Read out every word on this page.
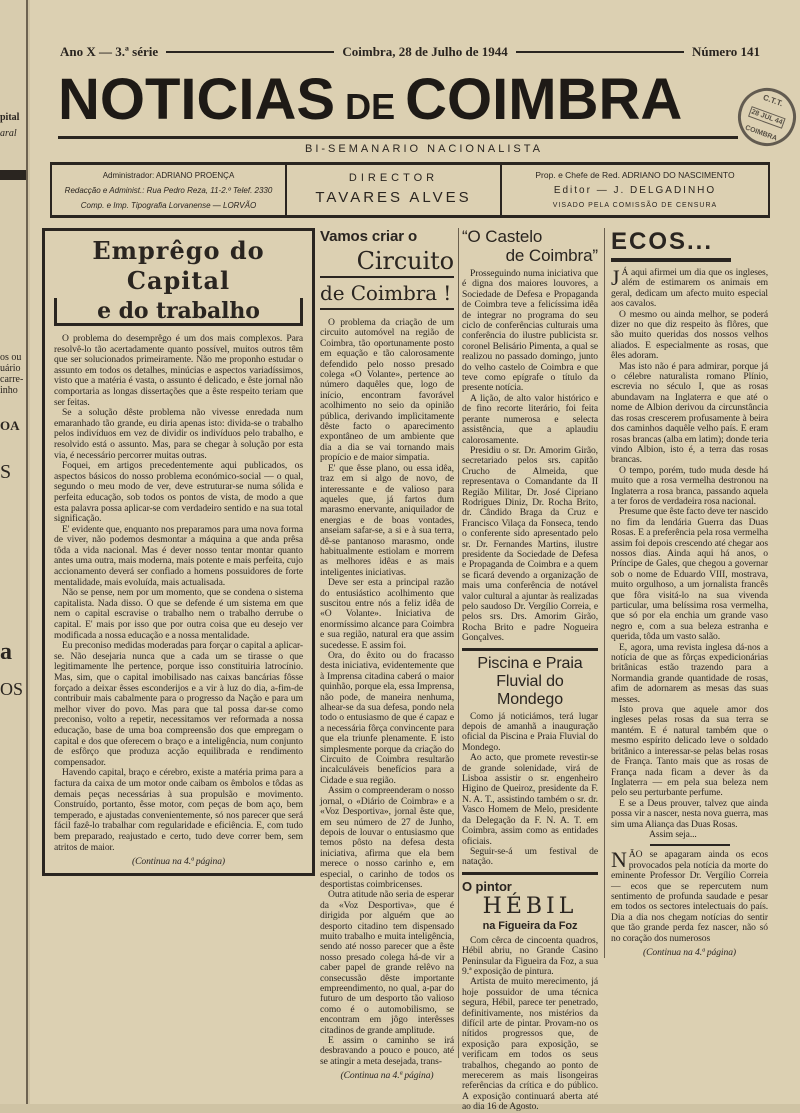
pital
aral
os ou
uário
carre-
inho
OA
S
a
OS
Ano X — 3.ª série	Coimbra, 28 de Julho de 1944	Número 141
NOTICIAS DE COIMBRA
BI-SEMANARIO NACIONALISTA
C.T.T.
28 JUL 44
COIMBRA
Administrador: ADRIANO PROENÇA
Redacção e Administ.: Rua Pedro Reza, 11-2.º Telef. 2330
Comp. e Imp. Tipografia Lorvanense — LORVÃO
DIRECTOR
TAVARES ALVES
Prop. e Chefe de Red. ADRIANO DO NASCIMENTO
Editor — J. DELGADINHO
VISADO PELA COMISSÃO DE CENSURA
Emprêgo do Capital
e do trabalho

O problema do desemprêgo é um dos mais complexos. Para resolvê-lo tão acertadamente quanto possível, muitos outros têm que ser solucionados primeiramente. Não me proponho estudar o assunto em todos os detalhes, minúcias e aspectos variadíssimos, visto que a matéria é vasta, o assunto é delicado, e êste jornal não comportaria as longas dissertações que a êste respeito teriam que ser feitas.

Se a solução dêste problema não vivesse enredada num emaranhado tão grande, eu diria apenas isto: divida-se o trabalho pelos indivíduos em vez de dividir os indivíduos pelo trabalho, e resolvido está o assunto. Mas, para se chegar à solução por esta via, é necessário percorrer muitas outras.

Foquei, em artigos precedentemente aqui publicados, os aspectos básicos do nosso problema económico-social — o qual, segundo o meu modo de ver, deve estruturar-se numa sólida e perfeita educação, sob todos os pontos de vista, de modo a que esta palavra possa aplicar-se com verdadeiro sentido e na sua total significação.

E' evidente que, enquanto nos preparamos para uma nova forma de viver, não podemos desmontar a máquina a que anda prêsa tôda a vida nacional. Mas é dever nosso tentar montar quanto antes uma outra, mais moderna, mais potente e mais perfeita, cujo accionamento deverá ser confiado a homens possuidores de forte mentalidade, mais evoluída, mais actualisada.

Não se pense, nem por um momento, que se condena o sistema capitalista. Nada disso. O que se defende é um sistema em que nem o capital escravise o trabalho nem o trabalho derrube o capital. E' mais por isso que por outra coisa que eu desejo ver modificada a nossa educação e a nossa mentalidade.

Eu preconiso medidas moderadas para forçar o capital a aplicar-se. Não desejaria nunca que a cada um se tirasse o que legìtimamente lhe pertence, porque isso constituiria latrocínio. Mas, sim, que o capital imobilisado nas caixas bancárias fôsse forçado a deixar êsses esconderijos e a vir à luz do dia, a-fim-de contribuir mais cabalmente para o progresso da Nação e para um melhor viver do povo. Mas para que tal possa dar-se como preconiso, volto a repetir, necessitamos ver reformada a nossa educação, base de uma boa compreensão dos que empregam o capital e dos que oferecem o braço e a inteligência, num conjunto de esfôrço que produza acção equilibrada e rendimento compensador.

Havendo capital, braço e cérebro, existe a matéria prima para a factura da caixa de um motor onde caibam os êmbolos e tôdas as demais peças necessárias à sua propulsão e movimento. Construído, portanto, êsse motor, com peças de bom aço, bem temperado, e ajustadas convenientemente, só nos parecer que será fácil fazê-lo trabalhar com regularidade e eficiência. E, com tudo bem preparado, reajustado e certo, tudo deve correr bem, sem atritos de maior.

(Continua na 4.ª página)

Vamos criar o
Circuito
de Coimbra !

O problema da criação de um circuito automóvel na região de Coimbra, tão oportunamente posto em equação e tão calorosamente defendido pelo nosso presado colega «O Volante», pertence ao número daquêles que, logo de início, encontram favorável acolhimento no seio da opinião pública, derivando implìcitamente dêste facto o aparecimento expontâneo de um ambiente que dia a dia se vai tornando mais propício e de maior simpatia.

E' que êsse plano, ou essa idêa, traz em si algo de novo, de interessante e de valioso para aqueles que, já fartos dum marasmo enervante, aniquilador de energias e de boas vontades, anseiam safar-se, a si e à sua terra, dê-se pantanoso marasmo, onde habitualmente estiolam e morrem as melhores idêas e as mais inteligentes iniciativas.

Deve ser esta a principal razão do entusiástico acolhimento que suscitou entre nós a feliz idêa de «O Volante». Iniciativa de enormíssimo alcance para Coimbra e sua região, natural era que assim sucedesse. E assim foi.

Ora, do êxito ou do fracasso desta iniciativa, evidentemente que à Imprensa citadina caberá o maior quinhão, porque ela, essa Imprensa, não pode, de maneira nenhuma, alhear-se da sua defesa, pondo nela todo o entusiasmo de que é capaz e a necessária fôrça convincente para que ela triunfe plenamente. E isto simplesmente porque da criação do Circuito de Coimbra resultarão incalculáveis benefícios para a Cidade e sua região.

Assim o compreenderam o nosso jornal, o «Diário de Coimbra» e a «Voz Desportiva», jornal êste que, em seu número de 27 de Junho, depois de louvar o entusiasmo que temos pôsto na defesa desta iniciativa, afirma que ela bem merece o nosso carinho e, em especial, o carinho de todos os desportistas coimbricenses.

Outra atitude não seria de esperar da «Voz Desportiva», que é dirigida por alguém que ao desporto citadino tem dispensado muito trabalho e muita inteligência, sendo até nosso parecer que a êste nosso presado colega há-de vir a caber papel de grande relêvo na consecussão dêste importante empreendimento, no qual, a-par do futuro de um desporto tão valioso como é o automobilismo, se encontram em jôgo interêsses citadinos de grande amplitude.

E assim o caminho se irá desbravando a pouco e pouco, até se atingir a meta desejada, trans-

(Continua na 4.ª página)

“O Castelo
de Coimbra”

Prosseguindo numa iniciativa que é digna dos maiores louvores, a Sociedade de Defesa e Propaganda de Coimbra teve a felicíssima idêa de integrar no programa do seu ciclo de conferências culturais uma conferência do ilustre publicista sr. coronel Belisário Pimenta, a qual se realizou no passado domingo, junto do velho castelo de Coimbra e que teve como epígrafe o título da presente notícia.

A lição, de alto valor histórico e de fino recorte literário, foi feita perante numerosa e selecta assistência, que a aplaudiu calorosamente.

Presidiu o sr. Dr. Amorim Girão, secretariado pelos srs. capitão Crucho de Almeida, que representava o Comandante da II Região Militar, Dr. José Cipriano Rodrigues Diniz, Dr. Rocha Brito, dr. Cândido Braga da Cruz e Francisco Vilaça da Fonseca, tendo o conferente sido apresentado pelo sr. Dr. Fernandes Martins, ilustre presidente da Sociedade de Defesa e Propaganda de Coimbra e a quem se ficará devendo a organização de mais uma conferência de notável valor cultural a ajuntar às realizadas pelo saudoso Dr. Vergílio Correia, e pelos srs. Drs. Amorim Girão, Rocha Brito e padre Nogueira Gonçalves.

Piscina e Praia Fluvial do Mondego

Como já noticiámos, terá lugar depois de amanhã a inauguração oficial da Piscina e Praia Fluvial do Mondego.

Ao acto, que promete revestir-se de grande solenidade, virá de Lisboa assistir o sr. engenheiro Higino de Queiroz, presidente da F. N. A. T., assistindo também o sr. dr. Vasco Homem de Melo, presidente da Delegação da F. N. A. T. em Coimbra, assim como as entidades oficiais.

Seguir-se-á um festival de natação.

O pintor
HÉBIL
na Figueira da Foz

Com cêrca de cincoenta quadros, Hébil abriu, no Grande Casino Peninsular da Figueira da Foz, a sua 9.ª exposição de pintura.

Artista de muito merecimento, já hoje possuidor de uma técnica segura, Hébil, parece ter penetrado, definitivamente, nos mistérios da difícil arte de pintar. Provam-no os nítidos progressos que, de exposição para exposição, se verificam em todos os seus trabalhos, chegando ao ponto de merecerem as mais lisongeiras referências da crítica e do público. A exposição continuará aberta até ao dia 16 de Agosto.

ECOS...

J Á aqui afirmei um dia que os ingleses, além de estimarem os animais em geral, dedicam um afecto muito especial aos cavalos.

O mesmo ou ainda melhor, se poderá dizer no que diz respeito às flôres, que são muito queridas dos nossos velhos aliados. E especialmente as rosas, que êles adoram.

Mas isto não é para admirar, porque já o célebre naturalista romano Plínio, escrevia no século I, que as rosas abundavam na Inglaterra e que até o nome de Albion derivou da circunstância das rosas crescerem profusamente à beira dos caminhos daquêle velho país. E eram rosas brancas (alba em latim); donde teria vindo Albion, isto é, a terra das rosas brancas.

O tempo, porém, tudo muda desde há muito que a rosa vermelha destronou na Inglaterra a rosa branca, passando aquela a ter foros de verdadeira rosa nacional.

Presume que êste facto deve ter nascido no fim da lendária Guerra das Duas Rosas. E a preferência pela rosa vermelha assim foi depois crescendo até chegar aos nossos dias. Ainda aqui há anos, o Príncipe de Gales, que chegou a governar sob o nome de Eduardo VIII, mostrava, muito orgulhoso, a um jornalista francês que fôra visitá-lo na sua vivenda particular, uma belíssima rosa vermelha, que só por ela enchia um grande vaso negro e, com a sua beleza estranha e querida, tôda um vasto salão.

E, agora, uma revista inglesa dá-nos a notícia de que as fôrças expedicionárias britânicas estão trazendo para a Normandia grande quantidade de rosas, afim de adornarem as mesas das suas messes.

Isto prova que aquele amor dos ingleses pelas rosas da sua terra se mantém. E é natural também que o mesmo espírito delicado leve o soldado britânico a interessar-se pelas belas rosas de França. Tanto mais que as rosas de França nada ficam a dever às da Inglaterra — em pela sua beleza nem pelo seu perturbante perfume.

E se a Deus prouver, talvez que ainda possa vir a nascer, nesta nova guerra, mas sim uma Aliança das Duas Rosas.

Assim seja...

NÃO se apagaram ainda os ecos provocados pela notícia da morte do eminente Professor Dr. Vergílio Correia — ecos que se repercutem num sentimento de profunda saudade e pesar em todos os sectores intelectuais do país. Dia a dia nos chegam notícias do sentir que tão grande perda fez nascer, não só no coração dos numerosos

(Continua na 4.ª página)
